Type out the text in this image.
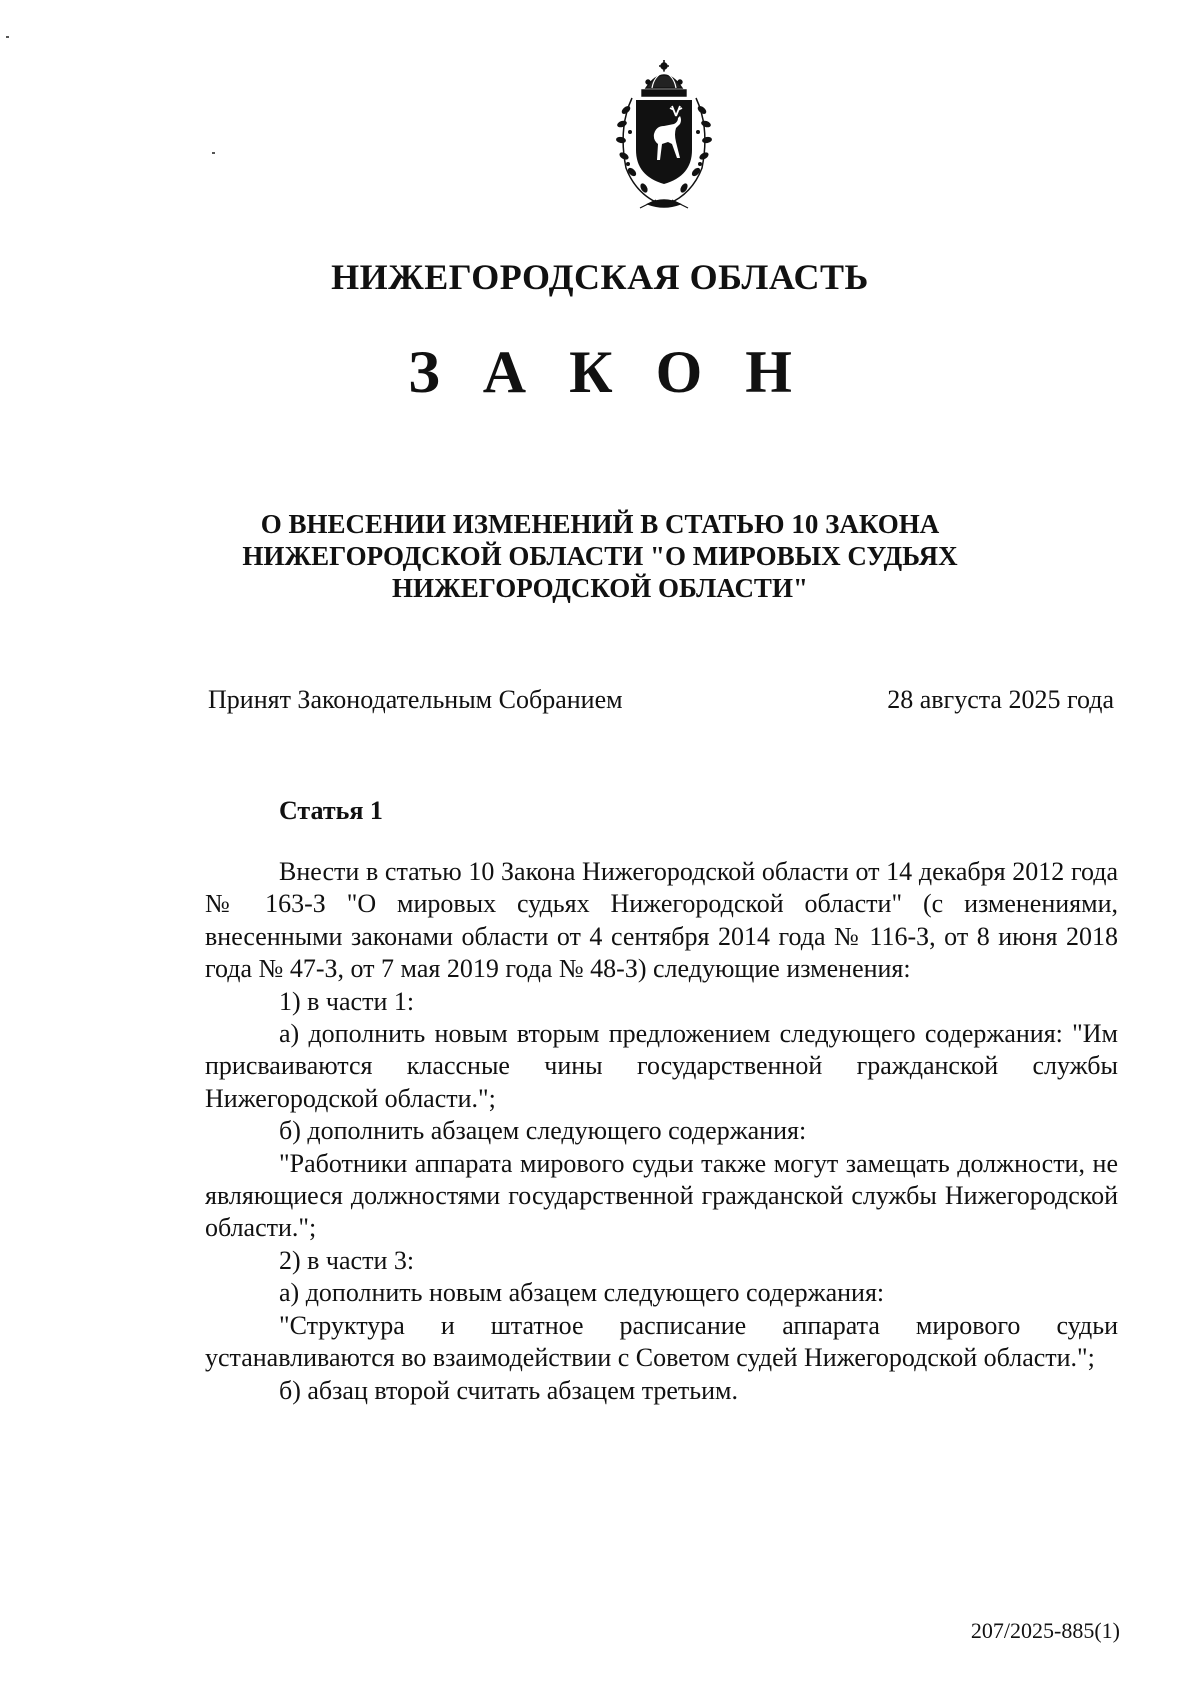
НИЖЕГОРОДСКАЯ ОБЛАСТЬ
З А К О Н
О ВНЕСЕНИИ ИЗМЕНЕНИЙ В СТАТЬЮ 10 ЗАКОНА
НИЖЕГОРОДСКОЙ ОБЛАСТИ "О МИРОВЫХ СУДЬЯХ
НИЖЕГОРОДСКОЙ ОБЛАСТИ"
Принят Законодательным Собранием	28 августа 2025 года
Статья 1

Внести в статью 10 Закона Нижегородской области от 14 декабря 2012 года № 163-З "О мировых судьях Нижегородской области" (с изменениями, внесенными законами области от 4 сентября 2014 года № 116-З, от 8 июня 2018 года № 47-З, от 7 мая 2019 года № 48-З) следующие изменения:

1) в части 1:

а) дополнить новым вторым предложением следующего содержания: "Им присваиваются классные чины государственной гражданской службы Нижегородской области.";

б) дополнить абзацем следующего содержания:

"Работники аппарата мирового судьи также могут замещать должности, не являющиеся должностями государственной гражданской службы Нижегородской области.";

2) в части 3:

а) дополнить новым абзацем следующего содержания:

"Структура и штатное расписание аппарата мирового судьи устанавливаются во взаимодействии с Советом судей Нижегородской области.";

б) абзац второй считать абзацем третьим.

207/2025-885(1)
